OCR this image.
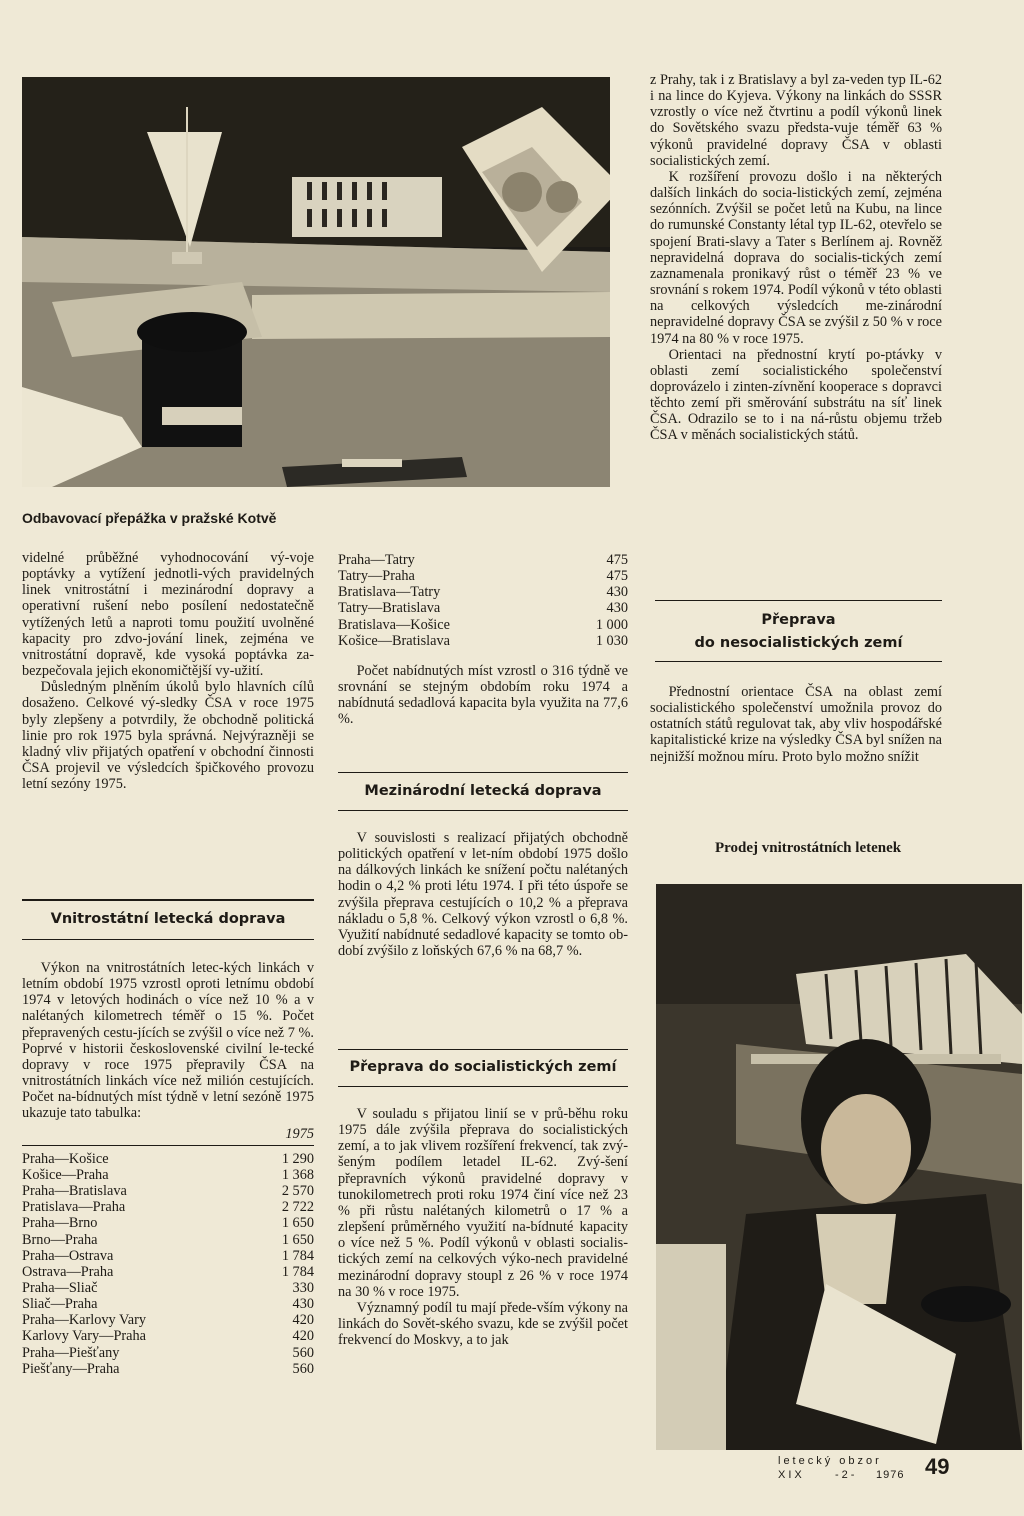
Odbavovací přepážka v pražské Kotvě

videlné průběžné vyhodnocování vý-voje poptávky a vytížení jednotli-vých pravidelných linek vnitrostátní i mezinárodní dopravy a operativní rušení nebo posílení nedostatečně vytížených letů a naproti tomu použití uvolněné kapacity pro zdvo-jování linek, zejména ve vnitrostátní dopravě, kde vysoká poptávka za-bezpečovala jejich ekonomičtější vy-užití.

Důsledným plněním úkolů bylo hlavních cílů dosaženo. Celkové vý-sledky ČSA v roce 1975 byly zlepšeny a potvrdily, že obchodně politická linie pro rok 1975 byla správná. Nejvýrazněji se kladný vliv přijatých opatření v obchodní činnosti ČSA projevil ve výsledcích špičkového provozu letní sezóny 1975.

Vnitrostátní letecká doprava

Výkon na vnitrostátních letec-kých linkách v letním období 1975 vzrostl oproti letnímu období 1974 v letových hodinách o více než 10 % a v nalétaných kilometrech téměř o 15 %. Počet přepravených cestu-jících se zvýšil o více než 7 %. Poprvé v historii československé civilní le-tecké dopravy v roce 1975 přepravily ČSA na vnitrostátních linkách více než milión cestujících. Počet na-bídnutých míst týdně v letní sezóně 1975 ukazuje tato tabulka:

1975
Praha—Košice	1 290
Košice—Praha	1 368
Praha—Bratislava	2 570
Pratislava—Praha	2 722
Praha—Brno	1 650
Brno—Praha	1 650
Praha—Ostrava	1 784
Ostrava—Praha	1 784
Praha—Sliač	330
Sliač—Praha	430
Praha—Karlovy Vary	420
Karlovy Vary—Praha	420
Praha—Piešťany	560
Piešťany—Praha	560
Praha—Tatry	475
Tatry—Praha	475
Bratislava—Tatry	430
Tatry—Bratislava	430
Bratislava—Košice	1 000
Košice—Bratislava	1 030

Počet nabídnutých míst vzrostl o 316 týdně ve srovnání se stejným obdobím roku 1974 a nabídnutá sedadlová kapacita byla využita na 77,6 %.

Mezinárodní letecká doprava

V souvislosti s realizací přijatých obchodně politických opatření v let-ním období 1975 došlo na dálkových linkách ke snížení počtu nalétaných hodin o 4,2 % proti létu 1974. I při této úspoře se zvýšila přeprava cestujících o 10,2 % a přeprava nákladu o 5,8 %. Celkový výkon vzrostl o 6,8 %. Využití nabídnuté sedadlové kapacity se tomto ob-dobí zvýšilo z loňských 67,6 % na 68,7 %.

Přeprava do socialistických zemí

V souladu s přijatou linií se v prů-běhu roku 1975 dále zvýšila přeprava do socialistických zemí, a to jak vlivem rozšíření frekvencí, tak zvý-šeným podílem letadel IL-62. Zvý-šení přepravních výkonů pravidelné dopravy v tunokilometrech proti roku 1974 činí více než 23 % při růstu nalétaných kilometrů o 17 % a zlepšení průměrného využití na-bídnuté kapacity o více než 5 %. Podíl výkonů v oblasti socialis-tických zemí na celkových výko-nech pravidelné mezinárodní dopravy stoupl z 26 % v roce 1974 na 30 % v roce 1975.

Významný podíl tu mají přede-vším výkony na linkách do Sovět-ského svazu, kde se zvýšil počet frekvencí do Moskvy, a to jak

z Prahy, tak i z Bratislavy a byl za-veden typ IL-62 i na lince do Kyjeva. Výkony na linkách do SSSR vzrostly o více než čtvrtinu a podíl výkonů linek do Sovětského svazu předsta-vuje téměř 63 % výkonů pravidelné dopravy ČSA v oblasti socialistických zemí.

K rozšíření provozu došlo i na některých dalších linkách do socia-listických zemí, zejména sezónních. Zvýšil se počet letů na Kubu, na lince do rumunské Constanty létal typ IL-62, otevřelo se spojení Brati-slavy a Tater s Berlínem aj. Rovněž nepravidelná doprava do socialis-tických zemí zaznamenala pronikavý růst o téměř 23 % ve srovnání s rokem 1974. Podíl výkonů v této oblasti na celkových výsledcích me-zinárodní nepravidelné dopravy ČSA se zvýšil z 50 % v roce 1974 na 80 % v roce 1975.

Orientaci na přednostní krytí po-ptávky v oblasti zemí socialistického společenství doprovázelo i zinten-zívnění kooperace s dopravci těchto zemí při směrování substrátu na síť linek ČSA. Odrazilo se to i na ná-růstu objemu tržeb ČSA v měnách socialistických států.

Přeprava
do nesocialistických zemí

Přednostní orientace ČSA na oblast zemí socialistického společenství umožnila provoz do ostatních států regulovat tak, aby vliv hospodářské kapitalistické krize na výsledky ČSA byl snížen na nejnižší možnou míru. Proto bylo možno snížit

Prodej vnitrostátních letenek
letecký obzor
XIX	-2- 1976 49
